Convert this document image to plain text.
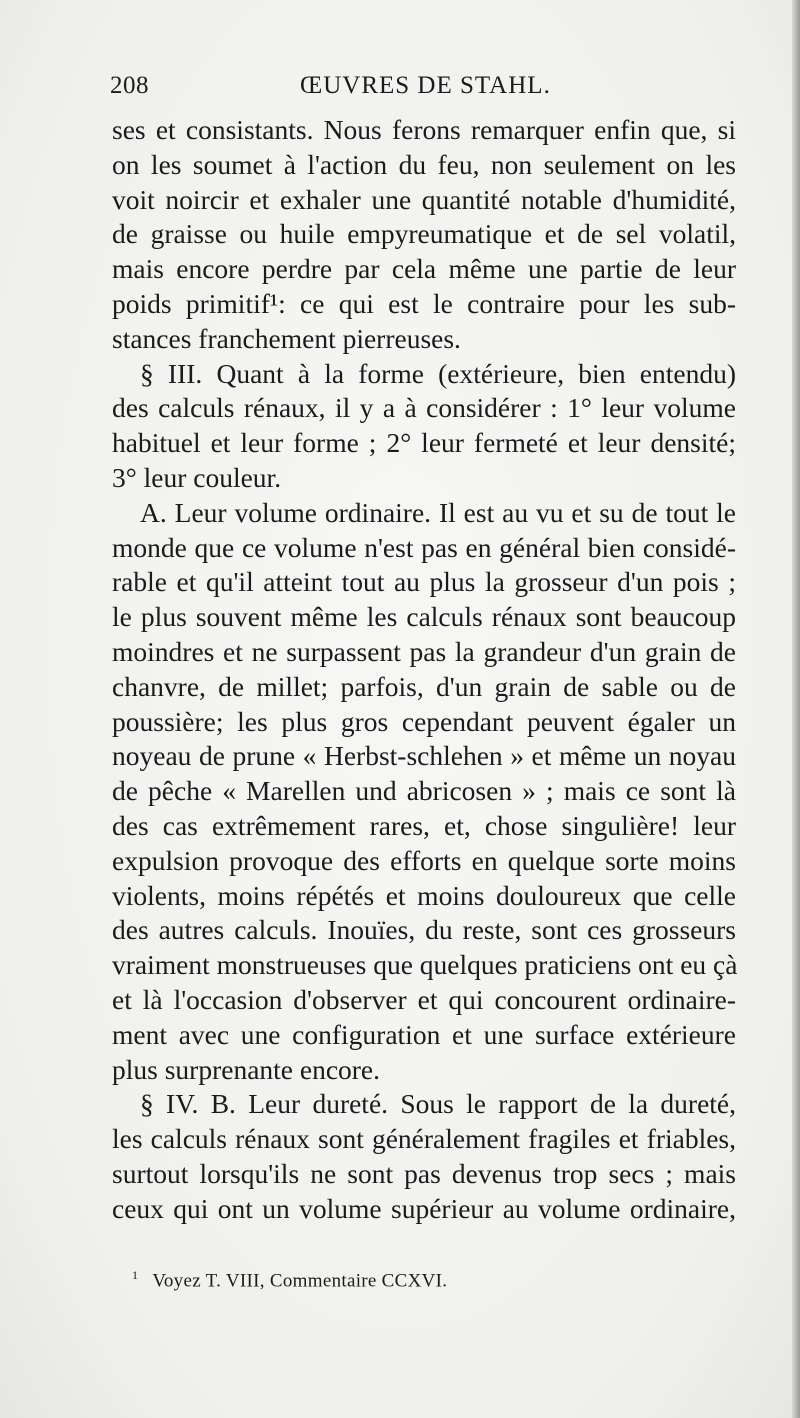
208	ŒUVRES DE STAHL.
ses et consistants. Nous ferons remarquer enfin que, si
on les soumet à l'action du feu, non seulement on les
voit noircir et exhaler une quantité notable d'humidité,
de graisse ou huile empyreumatique et de sel volatil,
mais encore perdre par cela même une partie de leur
poids primitif¹: ce qui est le contraire pour les sub-
stances franchement pierreuses.
§ III. Quant à la forme (extérieure, bien entendu)
des calculs rénaux, il y a à considérer : 1° leur volume
habituel et leur forme ; 2° leur fermeté et leur densité;
3° leur couleur.
A. Leur volume ordinaire. Il est au vu et su de tout le
monde que ce volume n'est pas en général bien considé-
rable et qu'il atteint tout au plus la grosseur d'un pois ;
le plus souvent même les calculs rénaux sont beaucoup
moindres et ne surpassent pas la grandeur d'un grain de
chanvre, de millet; parfois, d'un grain de sable ou de
poussière; les plus gros cependant peuvent égaler un
noyeau de prune « Herbst-schlehen » et même un noyau
de pêche « Marellen und abricosen » ; mais ce sont là
des cas extrêmement rares, et, chose singulière! leur
expulsion provoque des efforts en quelque sorte moins
violents, moins répétés et moins douloureux que celle
des autres calculs. Inouïes, du reste, sont ces grosseurs
vraiment monstrueuses que quelques praticiens ont eu çà
et là l'occasion d'observer et qui concourent ordinaire-
ment avec une configuration et une surface extérieure
plus surprenante encore.
§ IV. B. Leur dureté. Sous le rapport de la dureté,
les calculs rénaux sont généralement fragiles et friables,
surtout lorsqu'ils ne sont pas devenus trop secs ; mais
ceux qui ont un volume supérieur au volume ordinaire,
$^1$ Voyez T. VIII, Commentaire CCXVI.
